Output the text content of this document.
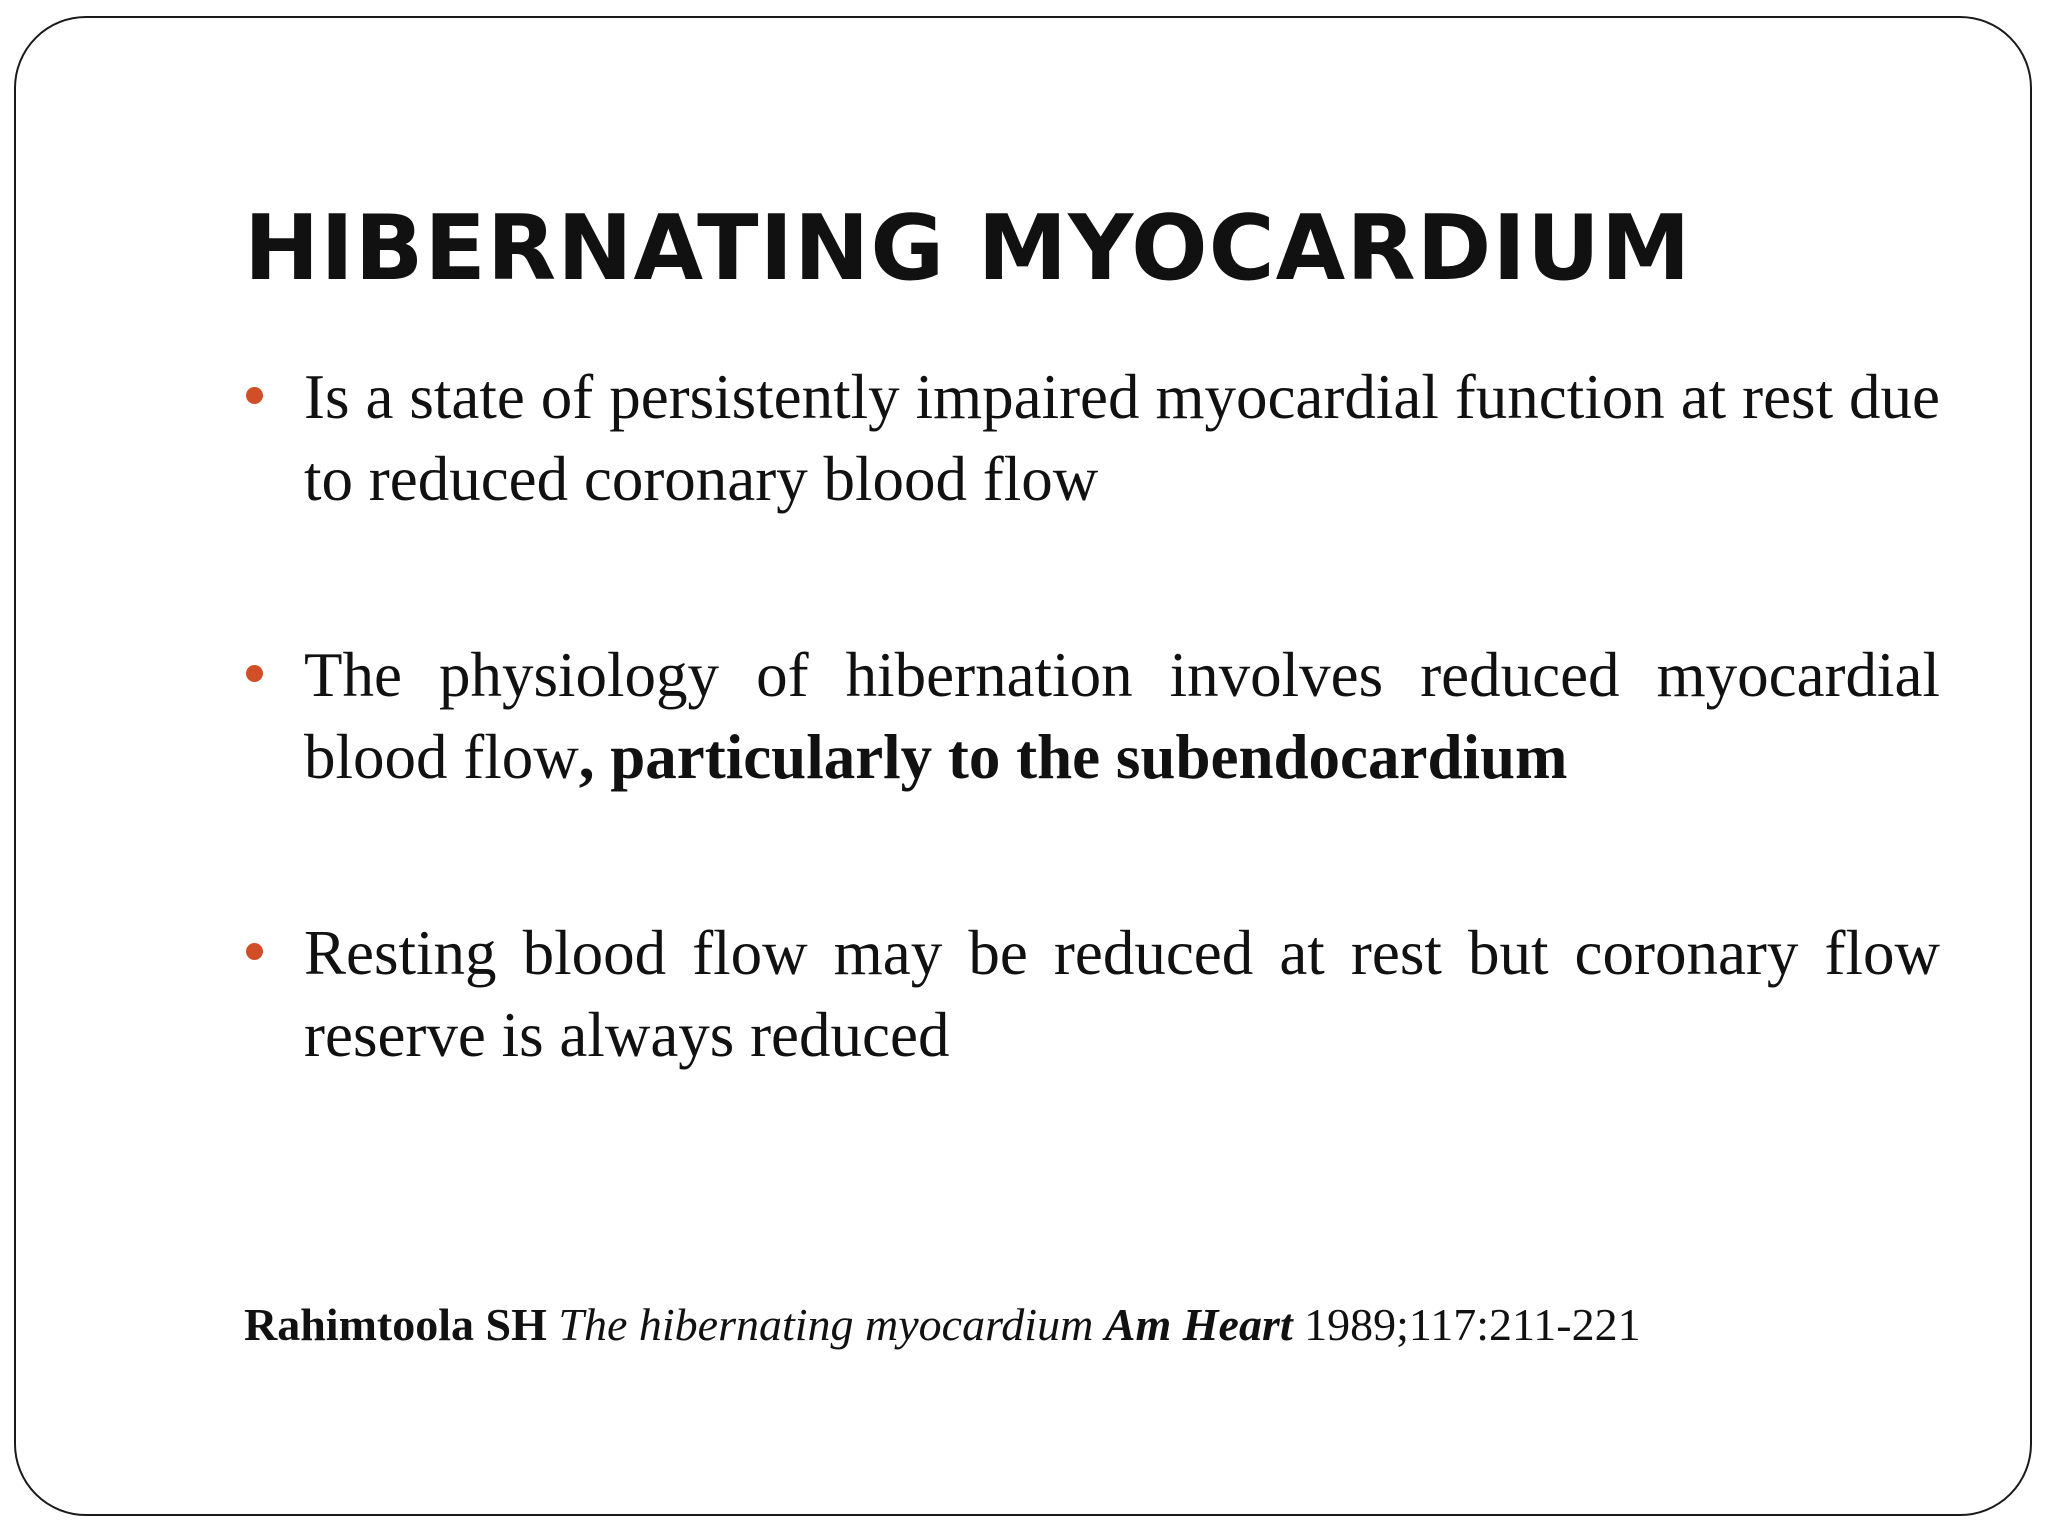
HIBERNATING MYOCARDIUM
Is a state of persistently impaired myocardial function at rest due to reduced coronary blood flow
The physiology of hibernation involves reduced myocardial blood flow, particularly to the subendocardium
Resting blood flow may be reduced at rest but coronary flow reserve is always reduced
Rahimtoola SH The hibernating myocardium Am Heart 1989;117:211-221
